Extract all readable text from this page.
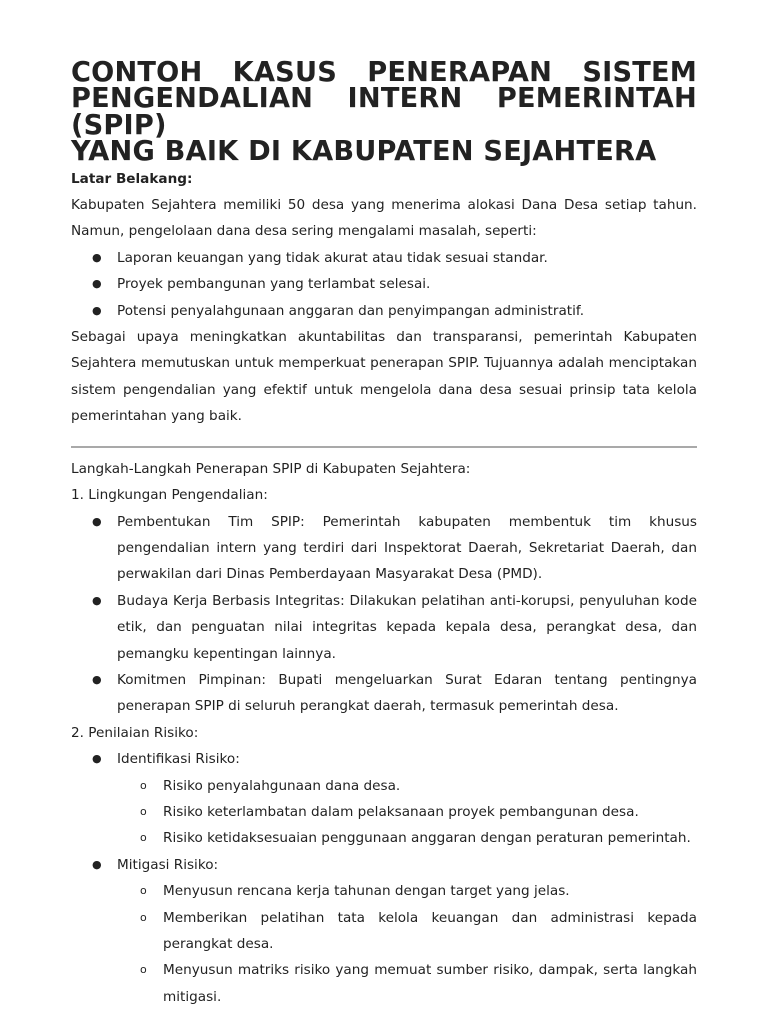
CONTOH KASUS PENERAPAN SISTEM PENGENDALIAN INTERN PEMERINTAH (SPIP)
YANG BAIK DI KABUPATEN SEJAHTERA
Latar Belakang:

Kabupaten Sejahtera memiliki 50 desa yang menerima alokasi Dana Desa setiap tahun. Namun, pengelolaan dana desa sering mengalami masalah, seperti:

● Laporan keuangan yang tidak akurat atau tidak sesuai standar.
● Proyek pembangunan yang terlambat selesai.
● Potensi penyalahgunaan anggaran dan penyimpangan administratif.

Sebagai upaya meningkatkan akuntabilitas dan transparansi, pemerintah Kabupaten Sejahtera memutuskan untuk memperkuat penerapan SPIP. Tujuannya adalah menciptakan sistem pengendalian yang efektif untuk mengelola dana desa sesuai prinsip tata kelola pemerintahan yang baik.

Langkah-Langkah Penerapan SPIP di Kabupaten Sejahtera:

1. Lingkungan Pengendalian:

● Pembentukan Tim SPIP: Pemerintah kabupaten membentuk tim khusus pengendalian intern yang terdiri dari Inspektorat Daerah, Sekretariat Daerah, dan perwakilan dari Dinas Pemberdayaan Masyarakat Desa (PMD).
● Budaya Kerja Berbasis Integritas: Dilakukan pelatihan anti-korupsi, penyuluhan kode etik, dan penguatan nilai integritas kepada kepala desa, perangkat desa, dan pemangku kepentingan lainnya.
● Komitmen Pimpinan: Bupati mengeluarkan Surat Edaran tentang pentingnya penerapan SPIP di seluruh perangkat daerah, termasuk pemerintah desa.

2. Penilaian Risiko:

● Identifikasi Risiko:
o Risiko penyalahgunaan dana desa.
o Risiko keterlambatan dalam pelaksanaan proyek pembangunan desa.
o Risiko ketidaksesuaian penggunaan anggaran dengan peraturan pemerintah.
● Mitigasi Risiko:
o Menyusun rencana kerja tahunan dengan target yang jelas.
o Memberikan pelatihan tata kelola keuangan dan administrasi kepada perangkat desa.
o Menyusun matriks risiko yang memuat sumber risiko, dampak, serta langkah mitigasi.
